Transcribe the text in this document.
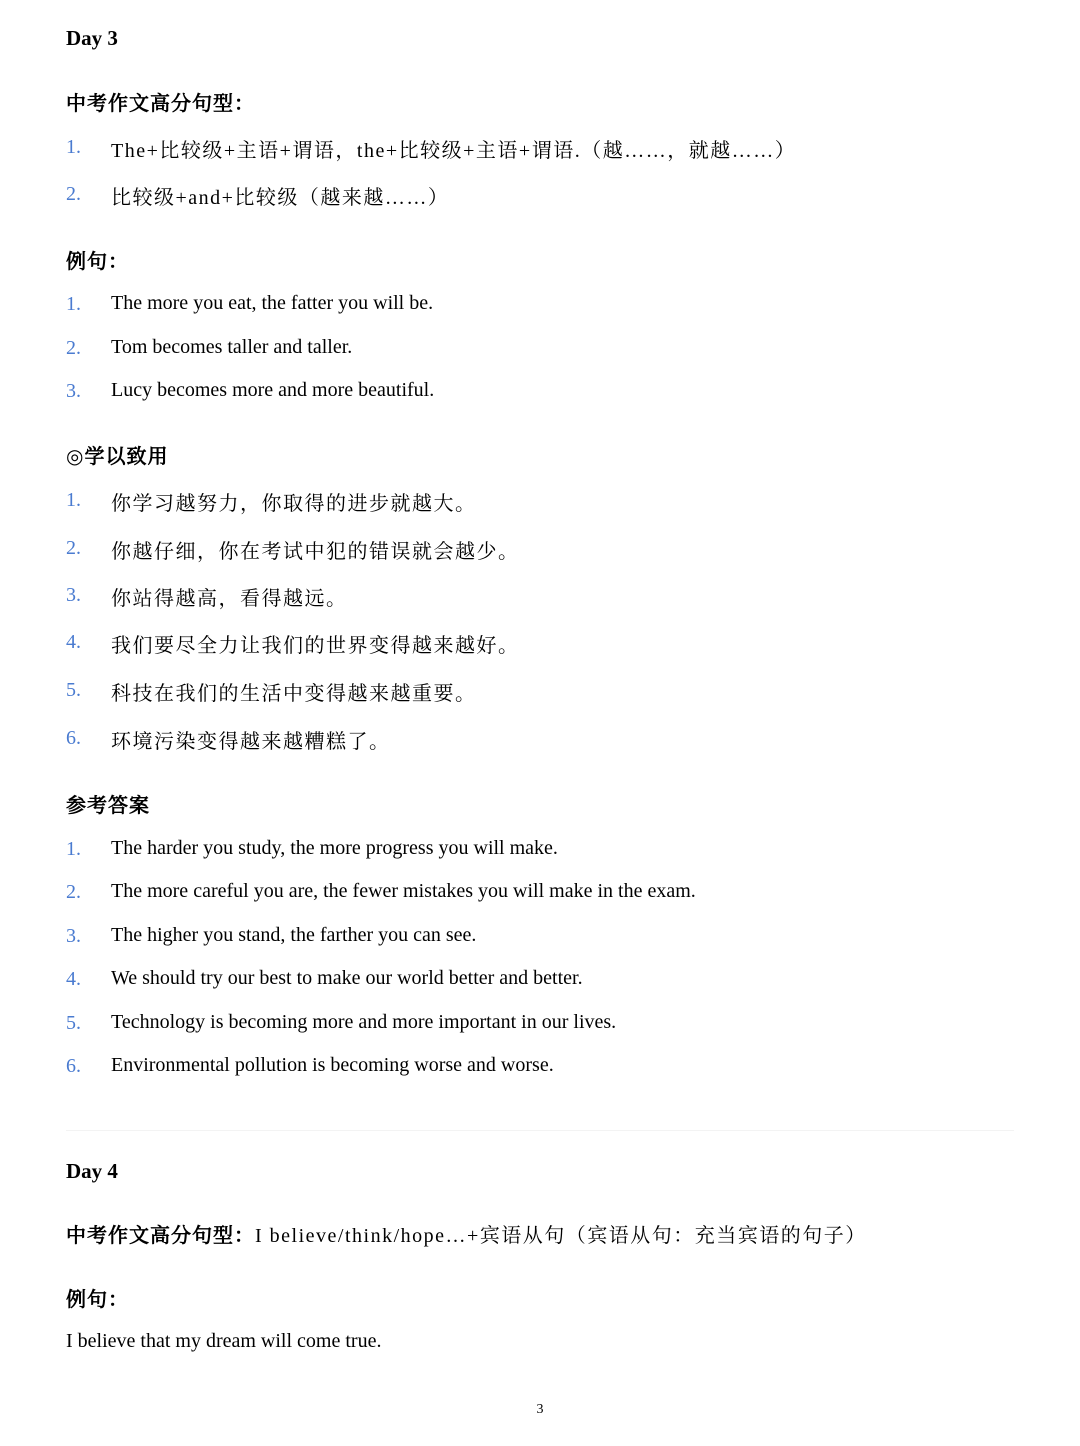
Day 3
中考作文高分句型：
1. The+比较级+主语+谓语，the+比较级+主语+谓语.（越……，就越……）
2. 比较级+and+比较级（越来越……）
例句：
1. The more you eat, the fatter you will be.
2. Tom becomes taller and taller.
3. Lucy becomes more and more beautiful.
◎学以致用
1. 你学习越努力，你取得的进步就越大。
2. 你越仔细，你在考试中犯的错误就会越少。
3. 你站得越高，看得越远。
4. 我们要尽全力让我们的世界变得越来越好。
5. 科技在我们的生活中变得越来越重要。
6. 环境污染变得越来越糟糕了。
参考答案
1. The harder you study, the more progress you will make.
2. The more careful you are, the fewer mistakes you will make in the exam.
3. The higher you stand, the farther you can see.
4. We should try our best to make our world better and better.
5. Technology is becoming more and more important in our lives.
6. Environmental pollution is becoming worse and worse.
Day 4
中考作文高分句型：I believe/think/hope…+宾语从句（宾语从句：充当宾语的句子）
例句：
I believe that my dream will come true.
3
